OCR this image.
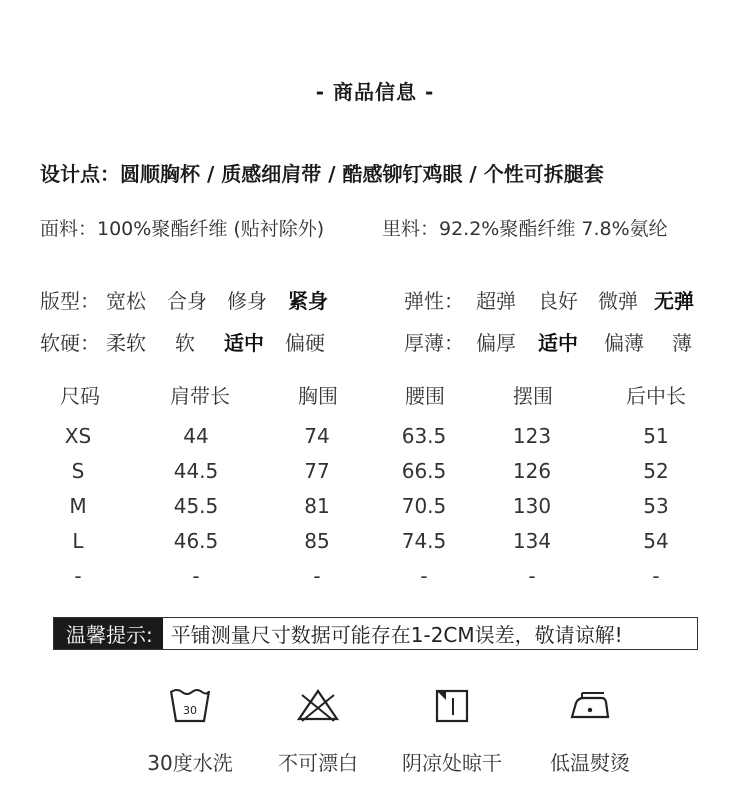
- 商品信息 -
设计点：圆顺胸杯 / 质感细肩带 / 酷感铆钉鸡眼 / 个性可拆腿套
面料：100%聚酯纤维 (贴衬除外)	里料：92.2%聚酯纤维 7.8%氨纶
版型： 宽松 合身 修身 紧身	弹性： 超弹 良好 微弹 无弹
软硬： 柔软 软 适中 偏硬	厚薄： 偏厚 适中 偏薄 薄
尺码	肩带长	胸围	腰围	摆围	后中长
XS	44	74	63.5	123	51
S	44.5	77	66.5	126	52
M	45.5	81	70.5	130	53
L	46.5	85	74.5	134	54
-	-	-	-	-	-
温馨提示: 平铺测量尺寸数据可能存在1-2CM误差，敬请谅解!
30
30度水洗	不可漂白	阴凉处晾干	低温熨烫
